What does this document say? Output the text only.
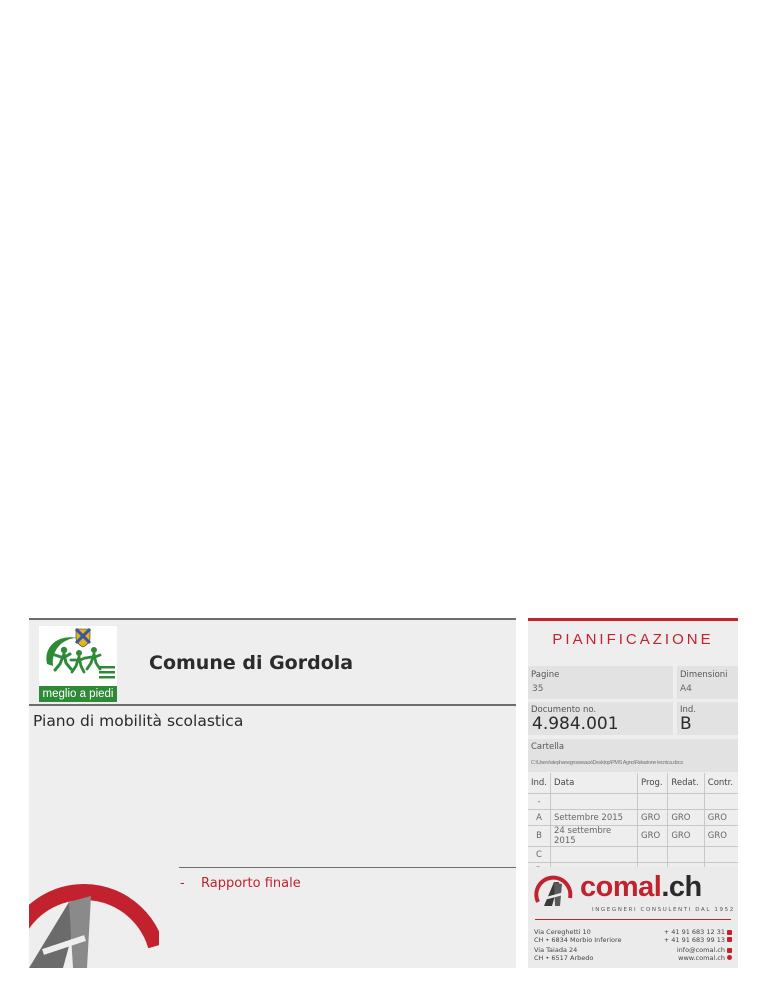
meglio a piedi
Comune di Gordola
Piano di mobilità scolastica
- Rapporto finale
PIANIFICAZIONE
Pagine
35
Dimensioni
A4
Documento no.
4.984.001
Ind.
B
Cartella
C:\Users\stephanegrosseaux\Desktop\PMS Agno\Relazione tecnica.docx
Ind.	Data	Prog.	Redat.	Contr.
-				
A	Settembre 2015	GRO	GRO	GRO
B	24 settembre 2015	GRO	GRO	GRO
C				

comal.ch
INGEGNERI CONSULENTI DAL 1952
Via Cereghetti 10
CH • 6834 Morbio Inferiore
Via Taiada 24
CH • 6517 Arbedo
+ 41 91 683 12 31
+ 41 91 683 99 13
info@comal.ch
www.comal.ch
